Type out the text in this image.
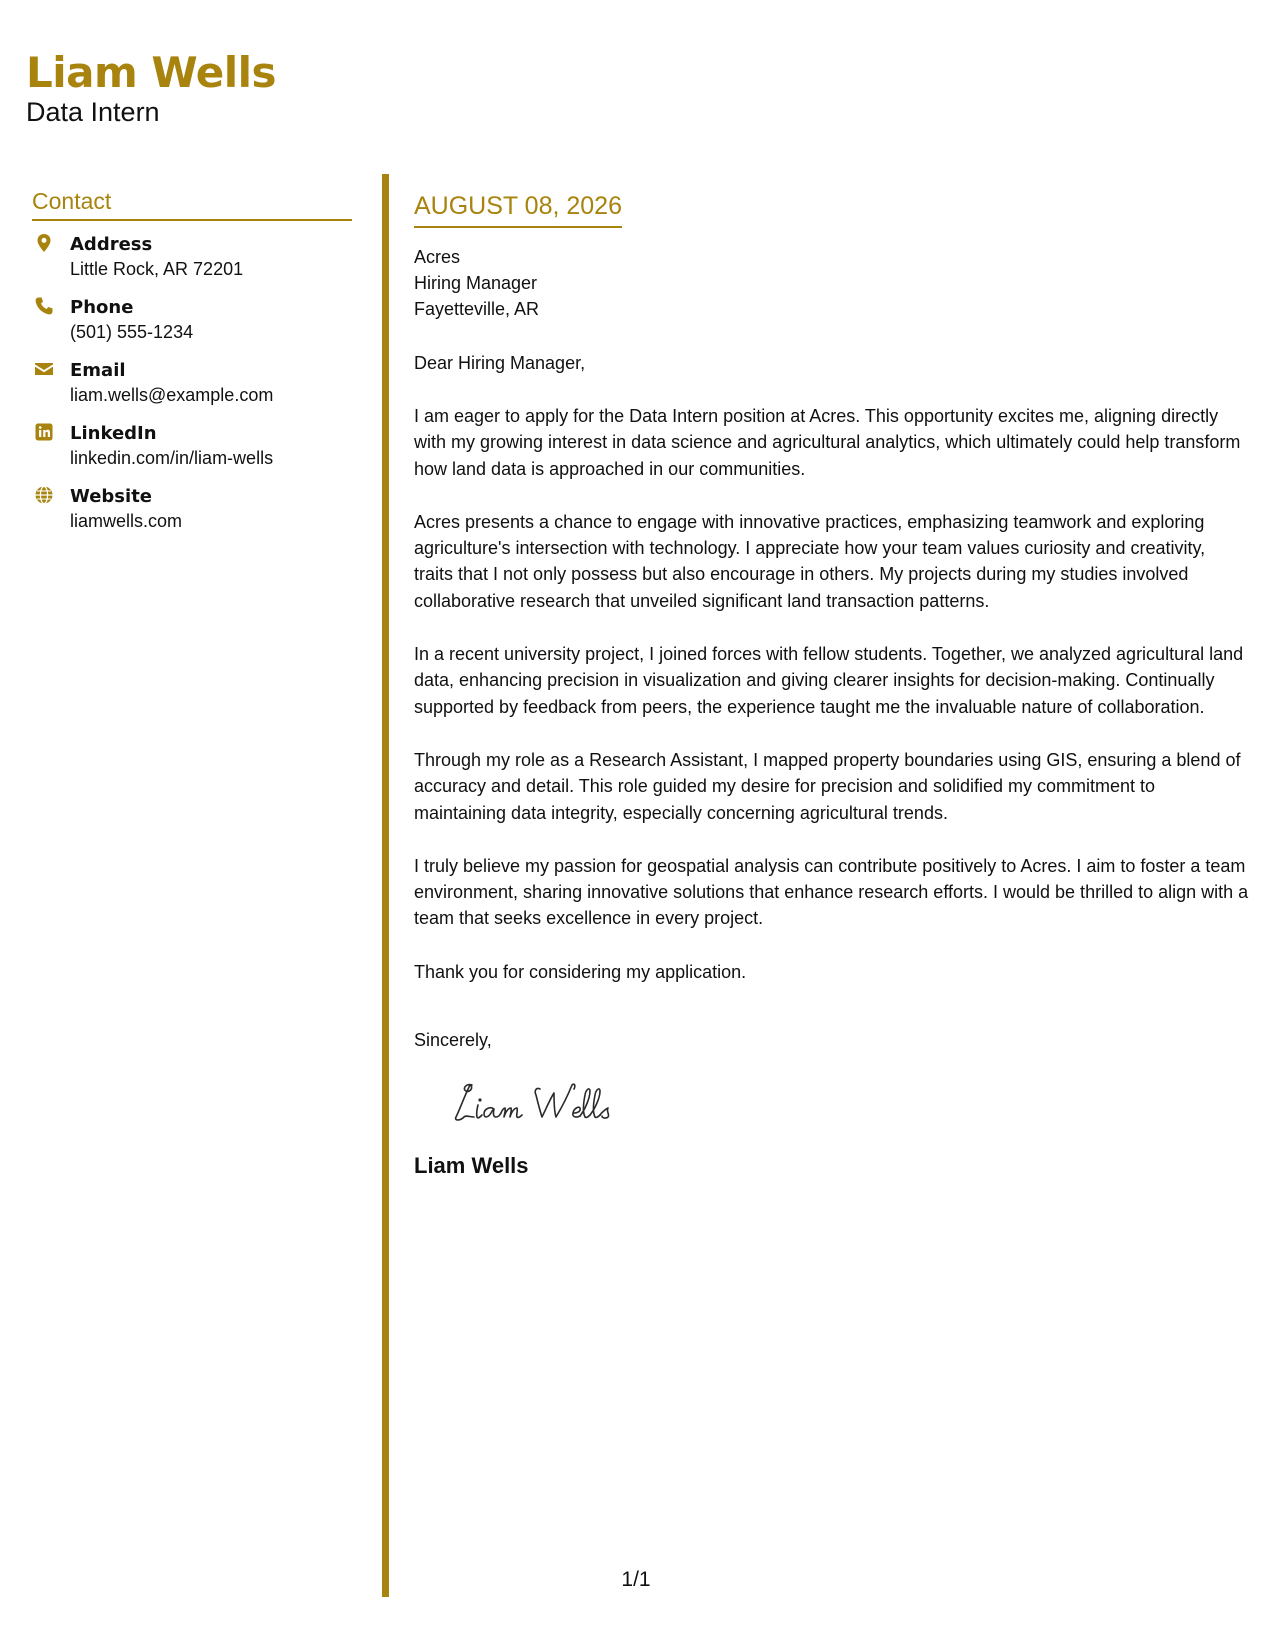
Liam Wells
Data Intern
Contact
Address
Little Rock, AR 72201
Phone
(501) 555-1234
Email
liam.wells@example.com
LinkedIn
linkedin.com/in/liam-wells
Website
liamwells.com
AUGUST 08, 2026
Acres
Hiring Manager
Fayetteville, AR
Dear Hiring Manager,
I am eager to apply for the Data Intern position at Acres. This opportunity excites me, aligning directly with my growing interest in data science and agricultural analytics, which ultimately could help transform how land data is approached in our communities.
Acres presents a chance to engage with innovative practices, emphasizing teamwork and exploring agriculture's intersection with technology. I appreciate how your team values curiosity and creativity, traits that I not only possess but also encourage in others. My projects during my studies involved collaborative research that unveiled significant land transaction patterns.
In a recent university project, I joined forces with fellow students. Together, we analyzed agricultural land data, enhancing precision in visualization and giving clearer insights for decision-making. Continually supported by feedback from peers, the experience taught me the invaluable nature of collaboration.
Through my role as a Research Assistant, I mapped property boundaries using GIS, ensuring a blend of accuracy and detail. This role guided my desire for precision and solidified my commitment to maintaining data integrity, especially concerning agricultural trends.
I truly believe my passion for geospatial analysis can contribute positively to Acres. I aim to foster a team environment, sharing innovative solutions that enhance research efforts. I would be thrilled to align with a team that seeks excellence in every project.
Thank you for considering my application.
Sincerely,
Liam Wells
1/1
